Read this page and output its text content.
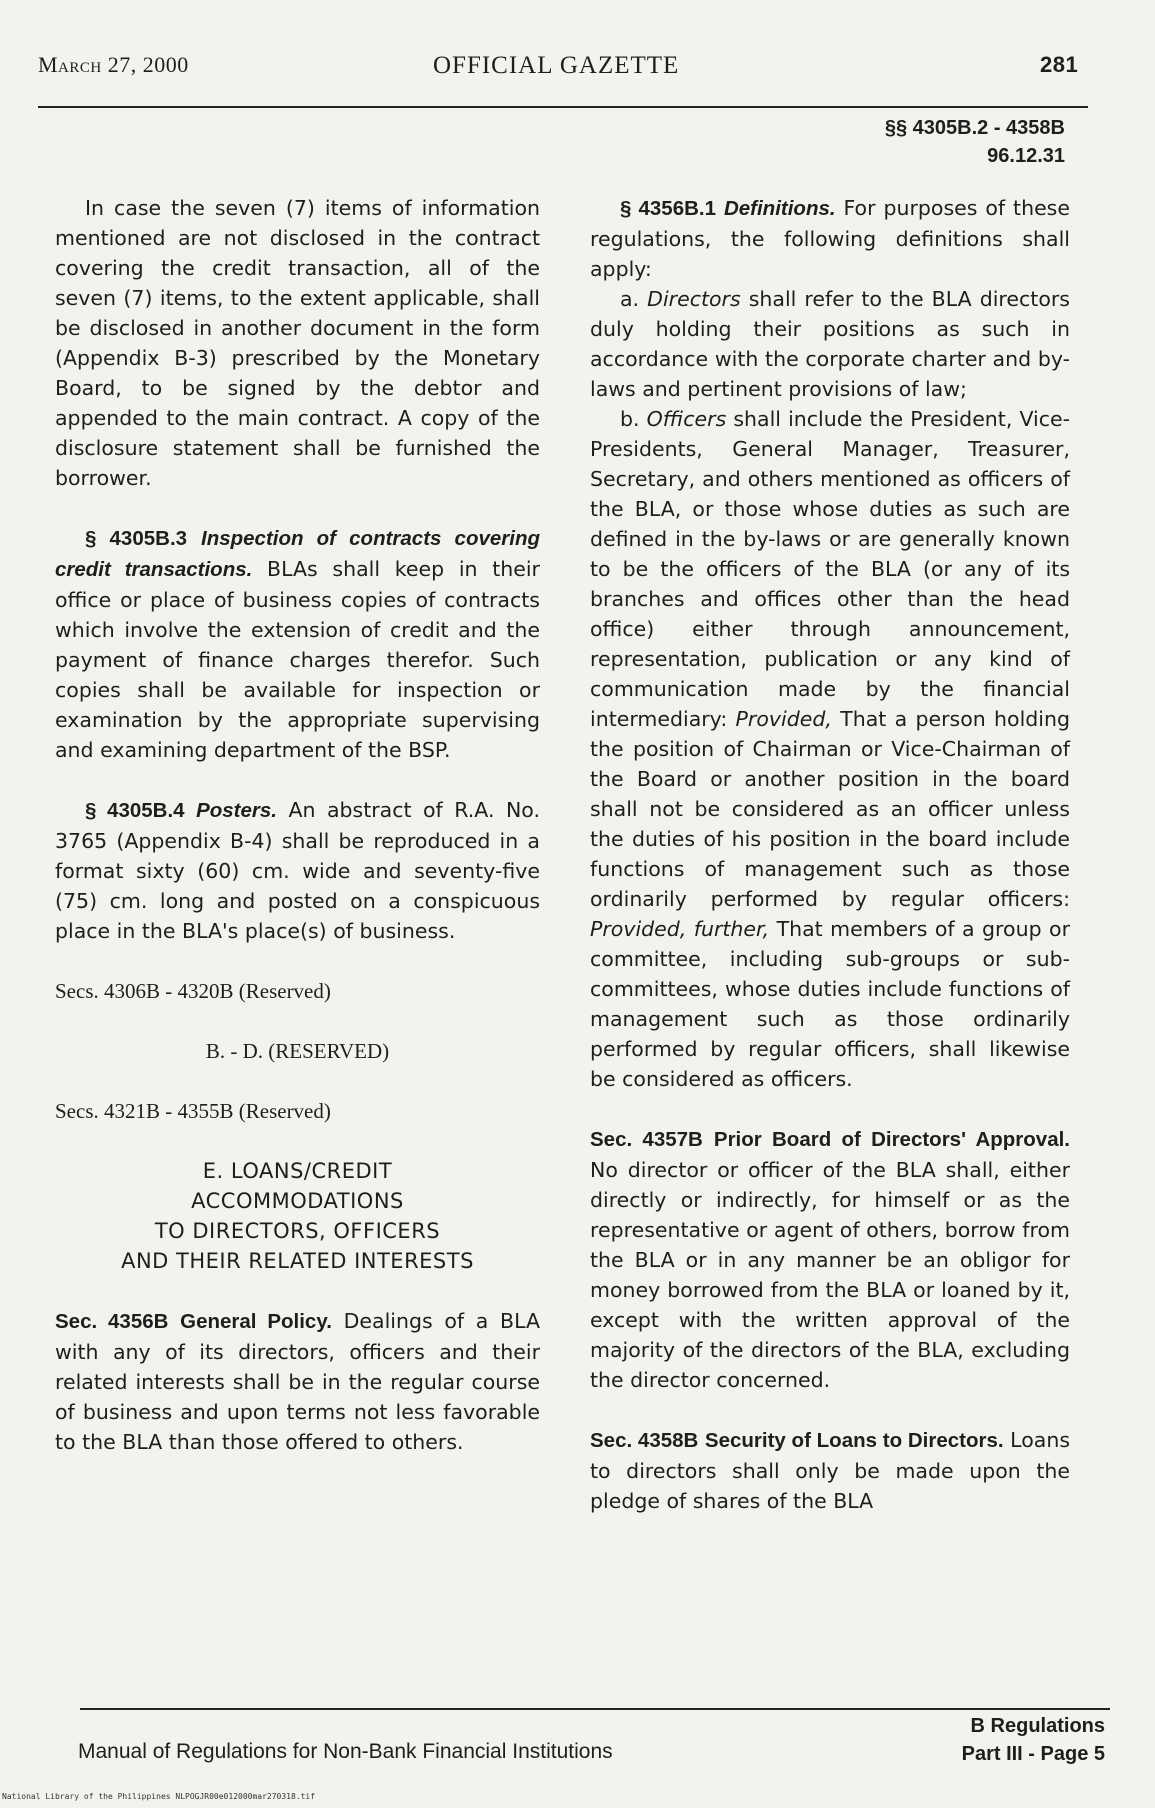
March 27, 2000	OFFICIAL GAZETTE	281
§§ 4305B.2 - 4358B
96.12.31

In case the seven (7) items of information mentioned are not disclosed in the contract covering the credit transaction, all of the seven (7) items, to the extent applicable, shall be disclosed in another document in the form (Appendix B-3) prescribed by the Monetary Board, to be signed by the debtor and appended to the main contract. A copy of the disclosure statement shall be furnished the borrower.

§ 4305B.3 Inspection of contracts covering credit transactions. BLAs shall keep in their office or place of business copies of contracts which involve the extension of credit and the payment of finance charges therefor. Such copies shall be available for inspection or examination by the appropriate supervising and examining department of the BSP.

§ 4305B.4 Posters. An abstract of R.A. No. 3765 (Appendix B-4) shall be reproduced in a format sixty (60) cm. wide and seventy-five (75) cm. long and posted on a conspicuous place in the BLA's place(s) of business.

Secs. 4306B - 4320B (Reserved)

B. - D. (RESERVED)

Secs. 4321B - 4355B (Reserved)

E. LOANS/CREDIT
ACCOMMODATIONS
TO DIRECTORS, OFFICERS
AND THEIR RELATED INTERESTS

Sec. 4356B General Policy. Dealings of a BLA with any of its directors, officers and their related interests shall be in the regular course of business and upon terms not less favorable to the BLA than those offered to others.

§ 4356B.1 Definitions. For purposes of these regulations, the following definitions shall apply:

a. Directors shall refer to the BLA directors duly holding their positions as such in accordance with the corporate charter and by-laws and pertinent provisions of law;

b. Officers shall include the President, Vice-Presidents, General Manager, Treasurer, Secretary, and others mentioned as officers of the BLA, or those whose duties as such are defined in the by-laws or are generally known to be the officers of the BLA (or any of its branches and offices other than the head office) either through announcement, representation, publication or any kind of communication made by the financial intermediary: Provided, That a person holding the position of Chairman or Vice-Chairman of the Board or another position in the board shall not be considered as an officer unless the duties of his position in the board include functions of management such as those ordinarily performed by regular officers: Provided, further, That members of a group or committee, including sub-groups or sub-committees, whose duties include functions of management such as those ordinarily performed by regular officers, shall likewise be considered as officers.

Sec. 4357B Prior Board of Directors' Approval. No director or officer of the BLA shall, either directly or indirectly, for himself or as the representative or agent of others, borrow from the BLA or in any manner be an obligor for money borrowed from the BLA or loaned by it, except with the written approval of the majority of the directors of the BLA, excluding the director concerned.

Sec. 4358B Security of Loans to Directors. Loans to directors shall only be made upon the pledge of shares of the BLA

Manual of Regulations for Non-Bank Financial Institutions
B Regulations
Part III - Page 5
National Library of the Philippines NLPOGJR00e012000mar270318.tif
